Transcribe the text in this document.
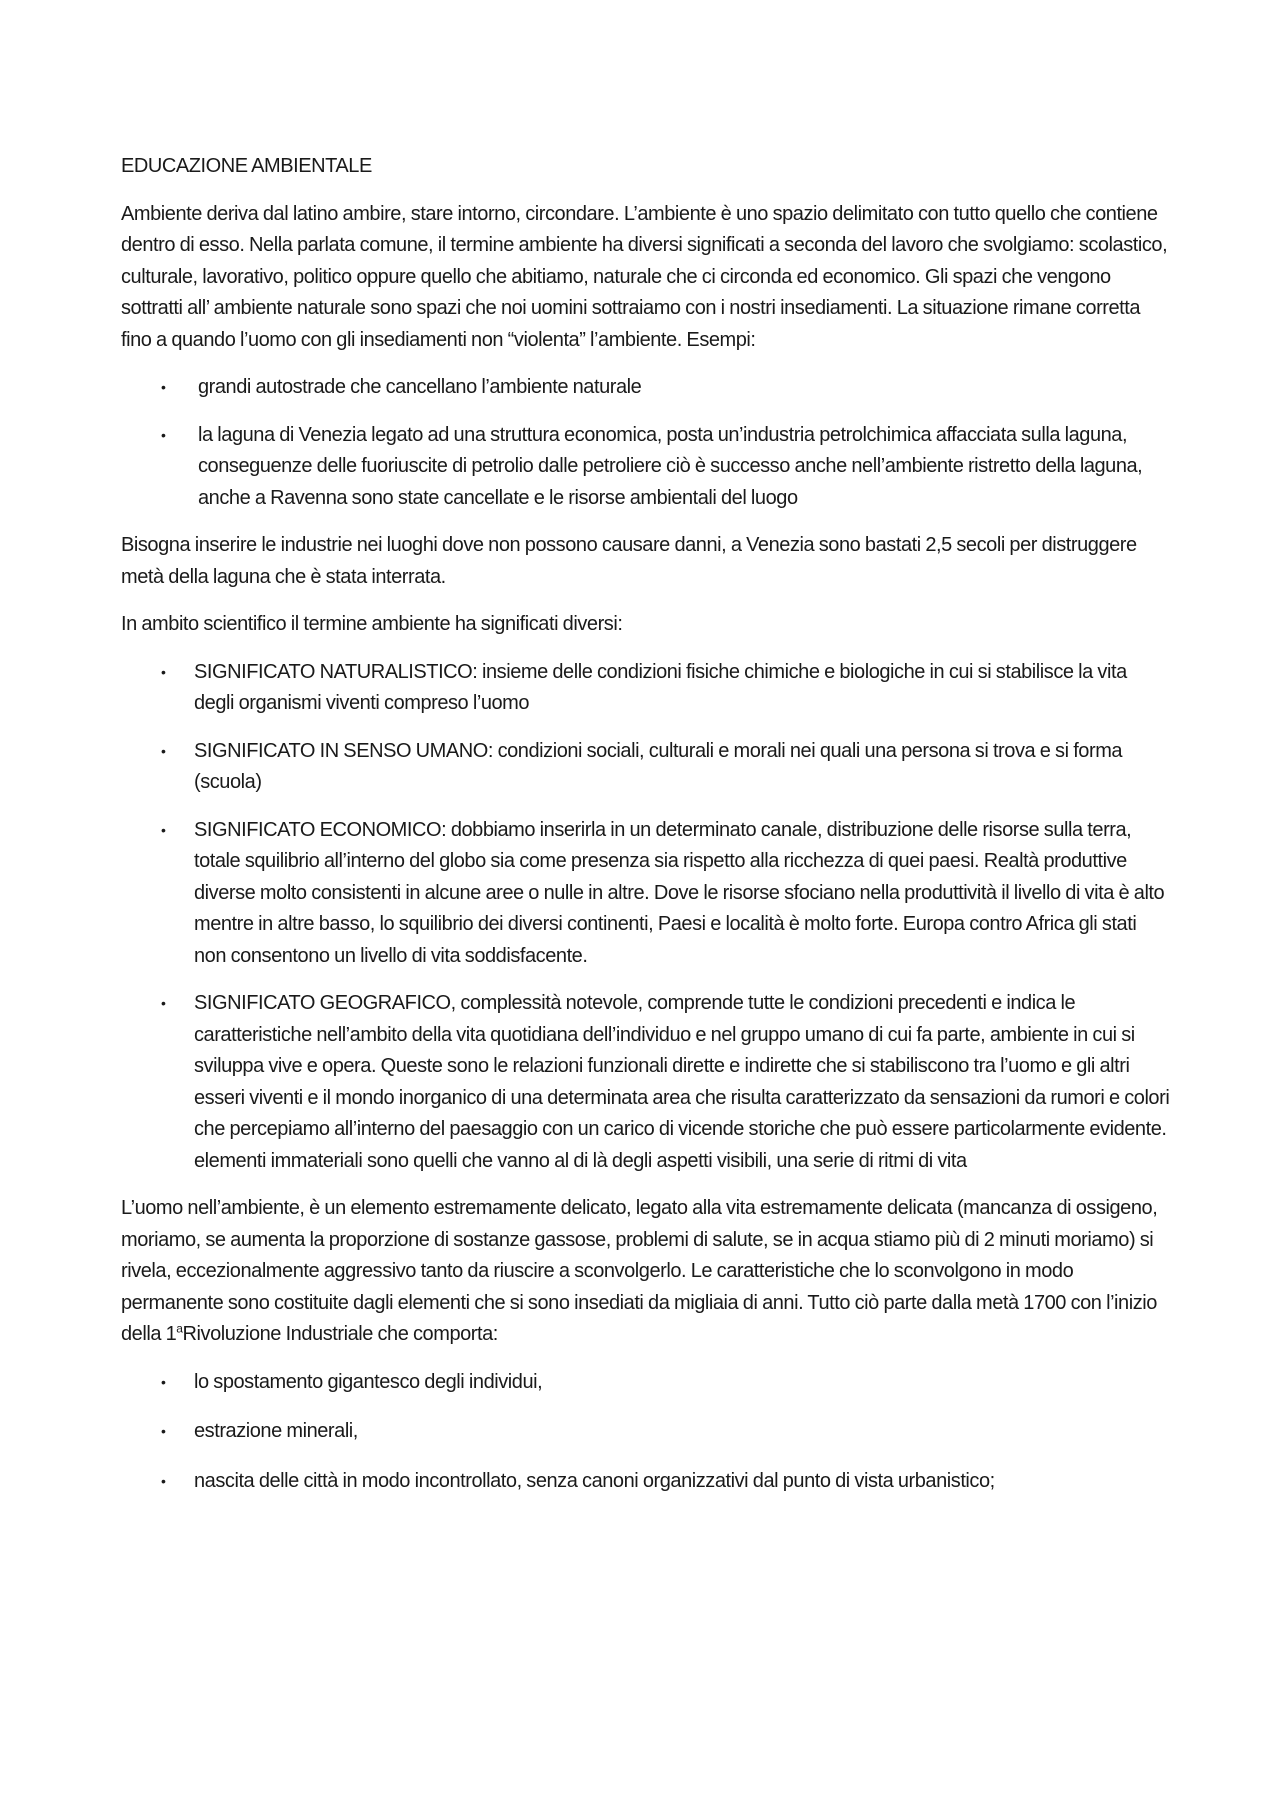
EDUCAZIONE AMBIENTALE

Ambiente deriva dal latino ambire, stare intorno, circondare. L’ambiente è uno spazio delimitato con tutto quello che contiene dentro di esso. Nella parlata comune, il termine ambiente ha diversi significati a seconda del lavoro che svolgiamo: scolastico, culturale, lavorativo, politico oppure quello che abitiamo, naturale che ci circonda ed economico. Gli spazi che vengono sottratti all’ ambiente naturale sono spazi che noi uomini sottraiamo con i nostri insediamenti. La situazione rimane corretta fino a quando l’uomo con gli insediamenti non “violenta” l’ambiente. Esempi:

• grandi autostrade che cancellano l’ambiente naturale
• la laguna di Venezia legato ad una struttura economica, posta un’industria petrolchimica affacciata sulla laguna, conseguenze delle fuoriuscite di petrolio dalle petroliere ciò è successo anche nell’ambiente ristretto della laguna, anche a Ravenna sono state cancellate e le risorse ambientali del luogo

Bisogna inserire le industrie nei luoghi dove non possono causare danni, a Venezia sono bastati 2,5 secoli per distruggere metà della laguna che è stata interrata.

In ambito scientifico il termine ambiente ha significati diversi:

• SIGNIFICATO NATURALISTICO: insieme delle condizioni fisiche chimiche e biologiche in cui si stabilisce la vita degli organismi viventi compreso l’uomo
• SIGNIFICATO IN SENSO UMANO: condizioni sociali, culturali e morali nei quali una persona si trova e si forma (scuola)
• SIGNIFICATO ECONOMICO: dobbiamo inserirla in un determinato canale, distribuzione delle risorse sulla terra, totale squilibrio all’interno del globo sia come presenza sia rispetto alla ricchezza di quei paesi. Realtà produttive diverse molto consistenti in alcune aree o nulle in altre. Dove le risorse sfociano nella produttività il livello di vita è alto mentre in altre basso, lo squilibrio dei diversi continenti, Paesi e località è molto forte. Europa contro Africa gli stati non consentono un livello di vita soddisfacente.
• SIGNIFICATO GEOGRAFICO, complessità notevole, comprende tutte le condizioni precedenti e indica le caratteristiche nell’ambito della vita quotidiana dell’individuo e nel gruppo umano di cui fa parte, ambiente in cui si sviluppa vive e opera. Queste sono le relazioni funzionali dirette e indirette che si stabiliscono tra l’uomo e gli altri esseri viventi e il mondo inorganico di una determinata area che risulta caratterizzato da sensazioni da rumori e colori che percepiamo all’interno del paesaggio con un carico di vicende storiche che può essere particolarmente evidente. elementi immateriali sono quelli che vanno al di là degli aspetti visibili, una serie di ritmi di vita

L’uomo nell’ambiente, è un elemento estremamente delicato, legato alla vita estremamente delicata (mancanza di ossigeno, moriamo, se aumenta la proporzione di sostanze gassose, problemi di salute, se in acqua stiamo più di 2 minuti moriamo) si rivela, eccezionalmente aggressivo tanto da riuscire a sconvolgerlo. Le caratteristiche che lo sconvolgono in modo permanente sono costituite dagli elementi che si sono insediati da migliaia di anni. Tutto ciò parte dalla metà 1700 con l’inizio della 1$^a$Rivoluzione Industriale che comporta:

• lo spostamento gigantesco degli individui,
• estrazione minerali,
• nascita delle città in modo incontrollato, senza canoni organizzativi dal punto di vista urbanistico;
